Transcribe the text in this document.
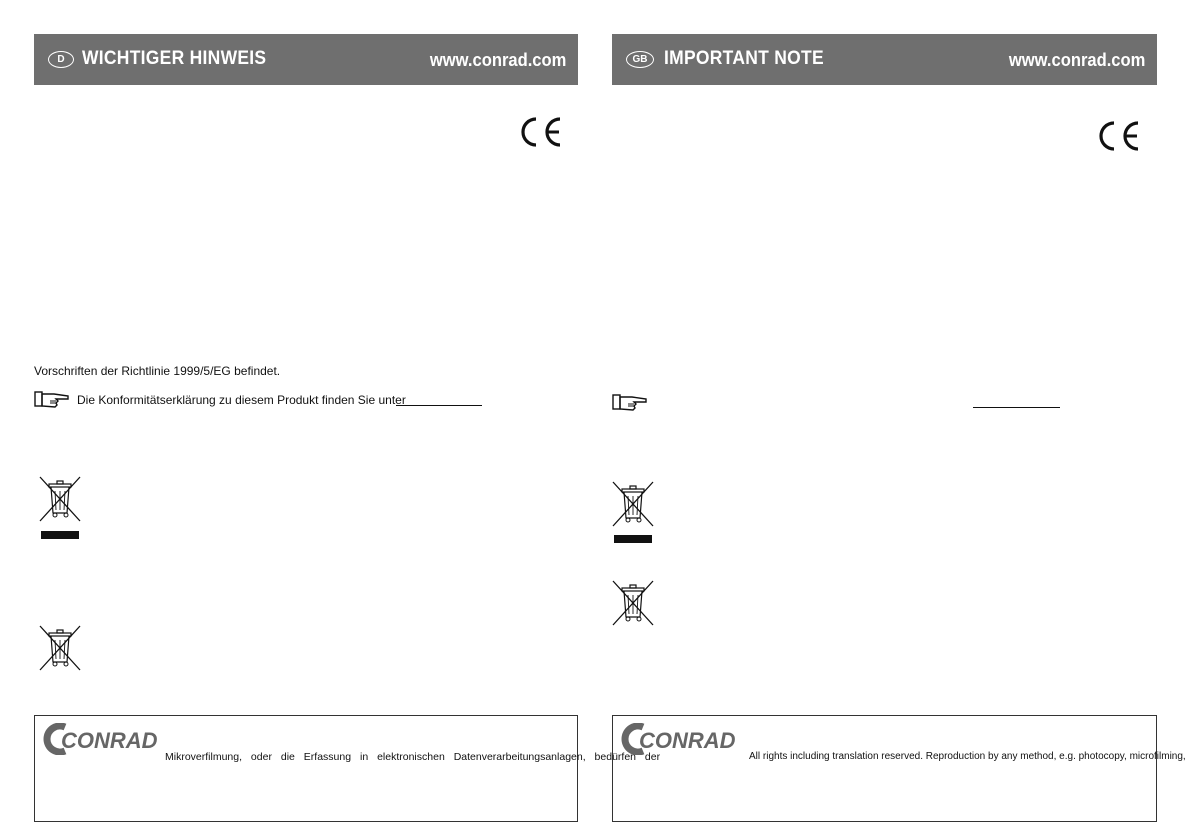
D WICHTIGER HINWEIS	www.conrad.com
Vorschriften der Richtlinie 1999/5/EG befindet.
Die Konformitätserklärung zu diesem Produkt finden Sie unter
CONRAD
Mikroverfilmung, oder die Erfassung in elektronischen Datenverarbeitungsanlagen, bedürfen der
GB IMPORTANT NOTE	www.conrad.com
CONRAD
All rights including translation reserved. Reproduction by any method, e.g. photocopy, microfilming,
